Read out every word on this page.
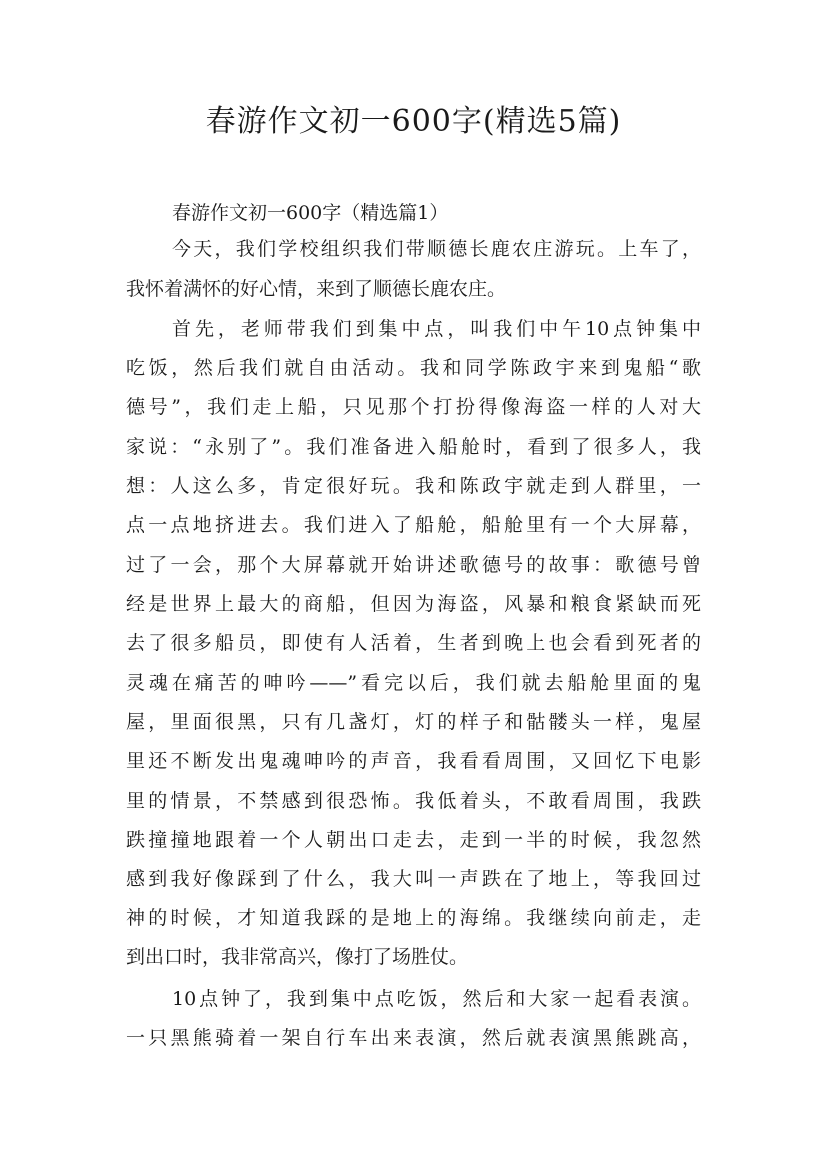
春游作文初一600字(精选5篇)
春游作文初一600字（精选篇1）
今天，我们学校组织我们带顺德长鹿农庄游玩。上车了，
我怀着满怀的好心情，来到了顺德长鹿农庄。
首先，老师带我们到集中点，叫我们中午10点钟集中
吃饭，然后我们就自由活动。我和同学陈政宇来到鬼船“歌
德号”，我们走上船，只见那个打扮得像海盗一样的人对大
家说：“永别了”。我们准备进入船舱时，看到了很多人，我
想：人这么多，肯定很好玩。我和陈政宇就走到人群里，一
点一点地挤进去。我们进入了船舱，船舱里有一个大屏幕，
过了一会，那个大屏幕就开始讲述歌德号的故事：歌德号曾
经是世界上最大的商船，但因为海盗，风暴和粮食紧缺而死
去了很多船员，即使有人活着，生者到晚上也会看到死者的
灵魂在痛苦的呻吟——”看完以后，我们就去船舱里面的鬼
屋，里面很黑，只有几盏灯，灯的样子和骷髅头一样，鬼屋
里还不断发出鬼魂呻吟的声音，我看看周围，又回忆下电影
里的情景，不禁感到很恐怖。我低着头，不敢看周围，我跌
跌撞撞地跟着一个人朝出口走去，走到一半的时候，我忽然
感到我好像踩到了什么，我大叫一声跌在了地上，等我回过
神的时候，才知道我踩的是地上的海绵。我继续向前走，走
到出口时，我非常高兴，像打了场胜仗。
10点钟了，我到集中点吃饭，然后和大家一起看表演。
一只黑熊骑着一架自行车出来表演，然后就表演黑熊跳高，
